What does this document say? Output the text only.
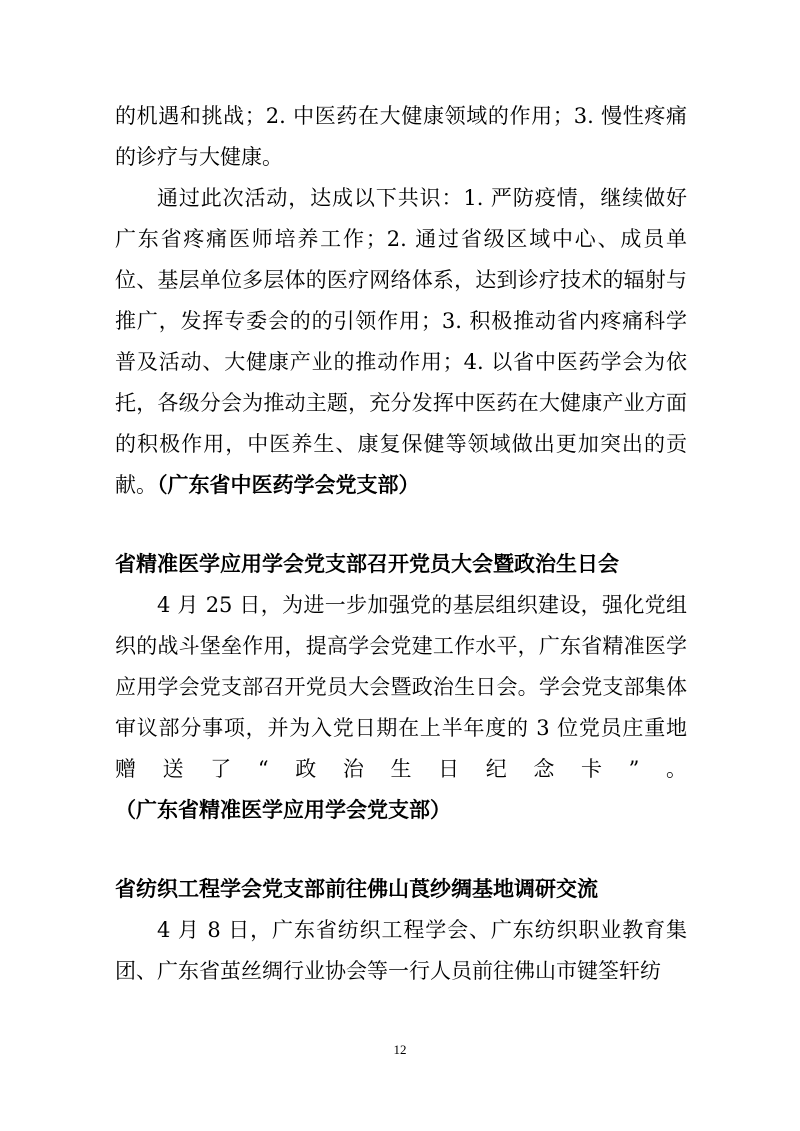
的机遇和挑战；2. 中医药在大健康领域的作用；3. 慢性疼痛的诊疗与大健康。

通过此次活动，达成以下共识：1. 严防疫情，继续做好广东省疼痛医师培养工作；2. 通过省级区域中心、成员单位、基层单位多层体的医疗网络体系，达到诊疗技术的辐射与推广，发挥专委会的的引领作用；3. 积极推动省内疼痛科学普及活动、大健康产业的推动作用；4. 以省中医药学会为依托，各级分会为推动主题，充分发挥中医药在大健康产业方面的积极作用，中医养生、康复保健等领域做出更加突出的贡献。（广东省中医药学会党支部）

省精准医学应用学会党支部召开党员大会暨政治生日会

4 月 25 日，为进一步加强党的基层组织建设，强化党组织的战斗堡垒作用，提高学会党建工作水平，广东省精准医学应用学会党支部召开党员大会暨政治生日会。学会党支部集体审议部分事项，并为入党日期在上半年度的 3 位党员庄重地赠送了“政治生日纪念卡”。（广东省精准医学应用学会党支部）

省纺织工程学会党支部前往佛山莨纱绸基地调研交流

4 月 8 日，广东省纺织工程学会、广东纺织职业教育集团、广东省茧丝绸行业协会等一行人员前往佛山市键筌轩纺

12
